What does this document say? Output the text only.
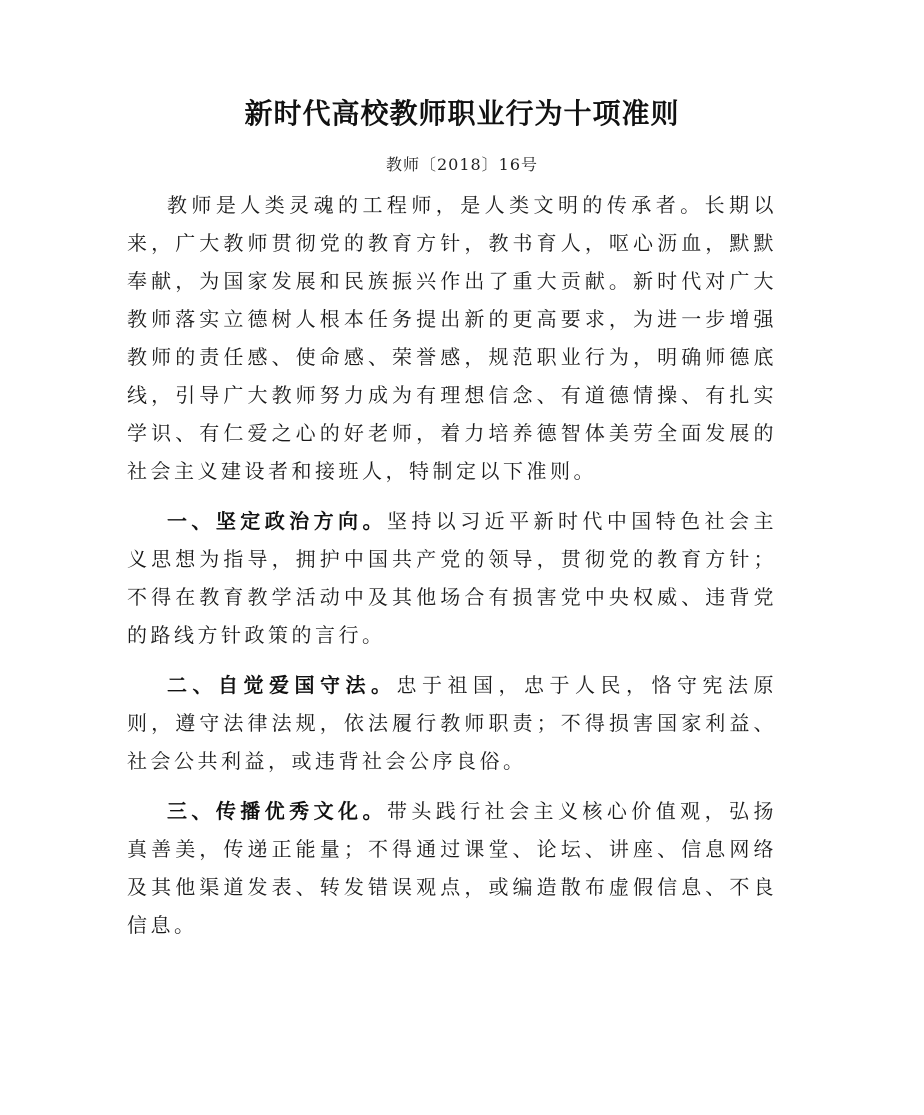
新时代高校教师职业行为十项准则
教师〔2018〕16号

教师是人类灵魂的工程师，是人类文明的传承者。长期以来，广大教师贯彻党的教育方针，教书育人，呕心沥血，默默奉献，为国家发展和民族振兴作出了重大贡献。新时代对广大教师落实立德树人根本任务提出新的更高要求，为进一步增强教师的责任感、使命感、荣誉感，规范职业行为，明确师德底线，引导广大教师努力成为有理想信念、有道德情操、有扎实学识、有仁爱之心的好老师，着力培养德智体美劳全面发展的社会主义建设者和接班人，特制定以下准则。

一、坚定政治方向。坚持以习近平新时代中国特色社会主义思想为指导，拥护中国共产党的领导，贯彻党的教育方针；不得在教育教学活动中及其他场合有损害党中央权威、违背党的路线方针政策的言行。

二、自觉爱国守法。忠于祖国，忠于人民，恪守宪法原则，遵守法律法规，依法履行教师职责；不得损害国家利益、社会公共利益，或违背社会公序良俗。

三、传播优秀文化。带头践行社会主义核心价值观，弘扬真善美，传递正能量；不得通过课堂、论坛、讲座、信息网络及其他渠道发表、转发错误观点，或编造散布虚假信息、不良信息。
